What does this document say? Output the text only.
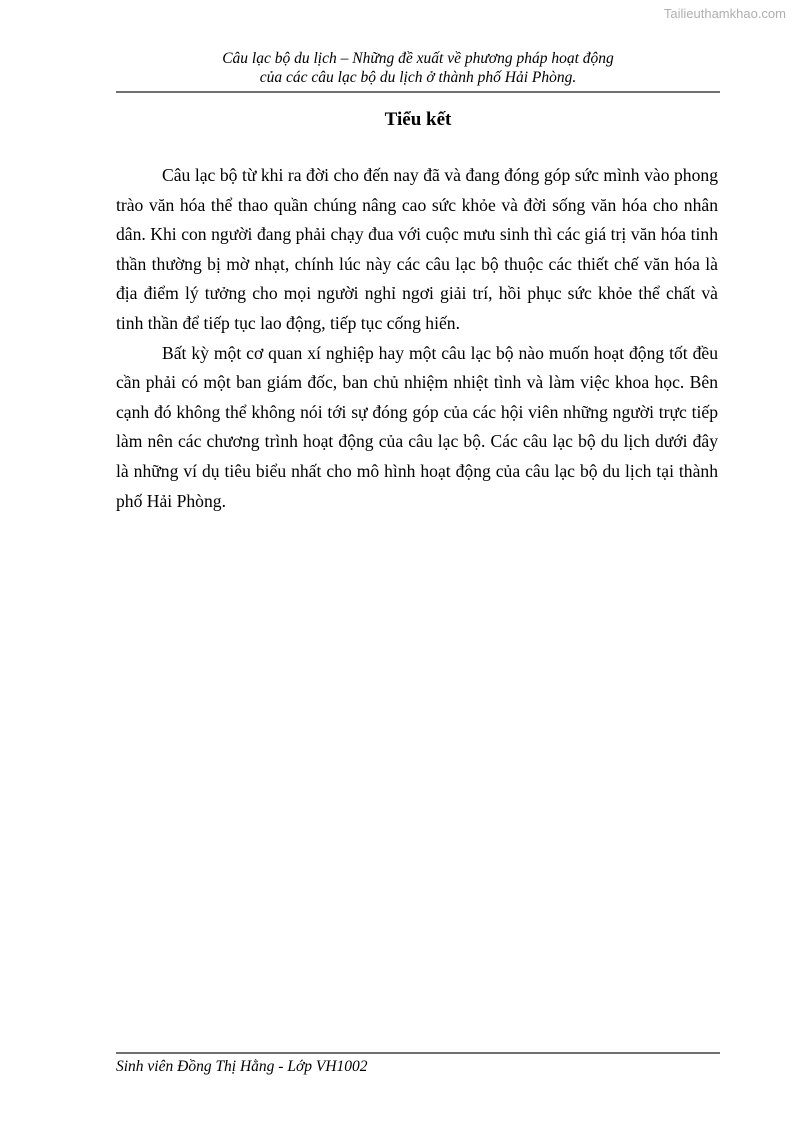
Tailieuthamkhao.com
Câu lạc bộ du lịch – Những đề xuất về phương pháp hoạt động
của các câu lạc bộ du lịch ở thành phố Hải Phòng.
Tiểu kết

Câu lạc bộ từ khi ra đời cho đến nay đã và đang đóng góp sức mình vào phong trào văn hóa thể thao quần chúng nâng cao sức khỏe và đời sống văn hóa cho nhân dân. Khi con người đang phải chạy đua với cuộc mưu sinh thì các giá trị văn hóa tinh thần thường bị mờ nhạt, chính lúc này các câu lạc bộ thuộc các thiết chế văn hóa là địa điểm lý tưởng cho mọi người nghỉ ngơi giải trí, hồi phục sức khỏe thể chất và tinh thần để tiếp tục lao động, tiếp tục cống hiến.

Bất kỳ một cơ quan xí nghiệp hay một câu lạc bộ nào muốn hoạt động tốt đều cần phải có một ban giám đốc, ban chủ nhiệm nhiệt tình và làm việc khoa học. Bên cạnh đó không thể không nói tới sự đóng góp của các hội viên những người trực tiếp làm nên các chương trình hoạt động của câu lạc bộ. Các câu lạc bộ du lịch dưới đây là những ví dụ tiêu biểu nhất cho mô hình hoạt động của câu lạc bộ du lịch tại thành phố Hải Phòng.

Sinh viên Đồng Thị Hằng - Lớp VH1002
